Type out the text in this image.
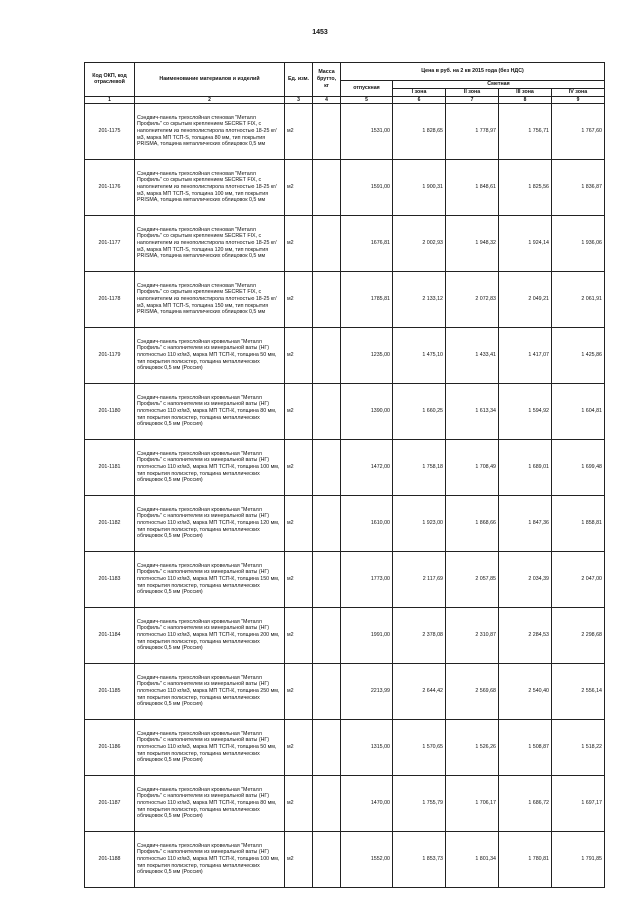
1453
Код ОКП, код отраслевой	Наименование материалов и изделий	Ед. изм.	Масса брутто, кг	Цена в руб. на 2 кв 2015 года (без НДС)				
				отпускная	Сметная			
					I зона	II зона	III зона	IV зона
1	2	3	4	5	6	7	8	9
201-1175	Сэндвич-панель трехслойная стеновая "Металл Профиль" со скрытым креплением SECRET FIX, с наполнителем из пенополистирола плотностью 18-25 кг/м3, марка МП ТСП-S, толщина 80 мм, тип покрытия PRISMA, толщина металлических облицовок 0,5 мм	м2		1531,00	1 828,65	1 778,97	1 756,71	1 767,60
201-1176	Сэндвич-панель трехслойная стеновая "Металл Профиль" со скрытым креплением SECRET FIX, с наполнителем из пенополистирола плотностью 18-25 кг/м3, марка МП ТСП-S, толщина 100 мм, тип покрытия PRISMA, толщина металлических облицовок 0,5 мм	м2		1591,00	1 900,31	1 848,61	1 825,56	1 836,87
201-1177	Сэндвич-панель трехслойная стеновая "Металл Профиль" со скрытым креплением SECRET FIX, с наполнителем из пенополистирола плотностью 18-25 кг/м3, марка МП ТСП-S, толщина 120 мм, тип покрытия PRISMA, толщина металлических облицовок 0,5 мм	м2		1676,81	2 002,93	1 948,32	1 924,14	1 936,06
201-1178	Сэндвич-панель трехслойная стеновая "Металл Профиль" со скрытым креплением SECRET FIX, с наполнителем из пенополистирола плотностью 18-25 кг/м3, марка МП ТСП-S, толщина 150 мм, тип покрытия PRISMA, толщина металлических облицовок 0,5 мм	м2		1785,81	2 133,12	2 072,83	2 049,21	2 061,91
201-1179	Сэндвич-панель трехслойная кровельная "Металл Профиль" с наполнителем из минеральной ваты (НГ) плотностью 110 кг/м3, марка МП ТСП-К, толщина 50 мм, тип покрытия полиэстер, толщина металлических облицовок 0,5 мм (Россия)	м2		1235,00	1 475,10	1 433,41	1 417,07	1 425,86
201-1180	Сэндвич-панель трехслойная кровельная "Металл Профиль" с наполнителем из минеральной ваты (НГ) плотностью 110 кг/м3, марка МП ТСП-К, толщина 80 мм, тип покрытия полиэстер, толщина металлических облицовок 0,5 мм (Россия)	м2		1390,00	1 660,25	1 613,34	1 594,92	1 604,81
201-1181	Сэндвич-панель трехслойная кровельная "Металл Профиль" с наполнителем из минеральной ваты (НГ) плотностью 110 кг/м3, марка МП ТСП-К, толщина 100 мм, тип покрытия полиэстер, толщина металлических облицовок 0,5 мм (Россия)	м2		1472,00	1 758,18	1 708,49	1 689,01	1 699,48
201-1182	Сэндвич-панель трехслойная кровельная "Металл Профиль" с наполнителем из минеральной ваты (НГ) плотностью 110 кг/м3, марка МП ТСП-К, толщина 120 мм, тип покрытия полиэстер, толщина металлических облицовок 0,5 мм (Россия)	м2		1610,00	1 923,00	1 868,66	1 847,36	1 858,81
201-1183	Сэндвич-панель трехслойная кровельная "Металл Профиль" с наполнителем из минеральной ваты (НГ) плотностью 110 кг/м3, марка МП ТСП-К, толщина 150 мм, тип покрытия полиэстер, толщина металлических облицовок 0,5 мм (Россия)	м2		1773,00	2 117,69	2 057,85	2 034,39	2 047,00
201-1184	Сэндвич-панель трехслойная кровельная "Металл Профиль" с наполнителем из минеральной ваты (НГ) плотностью 110 кг/м3, марка МП ТСП-К, толщина 200 мм, тип покрытия полиэстер, толщина металлических облицовок 0,5 мм (Россия)	м2		1991,00	2 378,08	2 310,87	2 284,53	2 298,68
201-1185	Сэндвич-панель трехслойная кровельная "Металл Профиль" с наполнителем из минеральной ваты (НГ) плотностью 110 кг/м3, марка МП ТСП-К, толщина 250 мм, тип покрытия полиэстер, толщина металлических облицовок 0,5 мм (Россия)	м2		2213,99	2 644,42	2 569,68	2 540,40	2 556,14
201-1186	Сэндвич-панель трехслойная кровельная "Металл Профиль" с наполнителем из минеральной ваты (НГ) плотностью 110 кг/м3, марка МП ТСП-К, толщина 50 мм, тип покрытия полиэстер, толщина металлических облицовок 0,5 мм (Россия)	м2		1315,00	1 570,65	1 526,26	1 508,87	1 518,22
201-1187	Сэндвич-панель трехслойная кровельная "Металл Профиль" с наполнителем из минеральной ваты (НГ) плотностью 110 кг/м3, марка МП ТСП-К, толщина 80 мм, тип покрытия полиэстер, толщина металлических облицовок 0,5 мм (Россия)	м2		1470,00	1 755,79	1 706,17	1 686,72	1 697,17
201-1188	Сэндвич-панель трехслойная кровельная "Металл Профиль" с наполнителем из минеральной ваты (НГ) плотностью 110 кг/м3, марка МП ТСП-К, толщина 100 мм, тип покрытия полиэстер, толщина металлических облицовок 0,5 мм (Россия)	м2		1552,00	1 853,73	1 801,34	1 780,81	1 791,85
